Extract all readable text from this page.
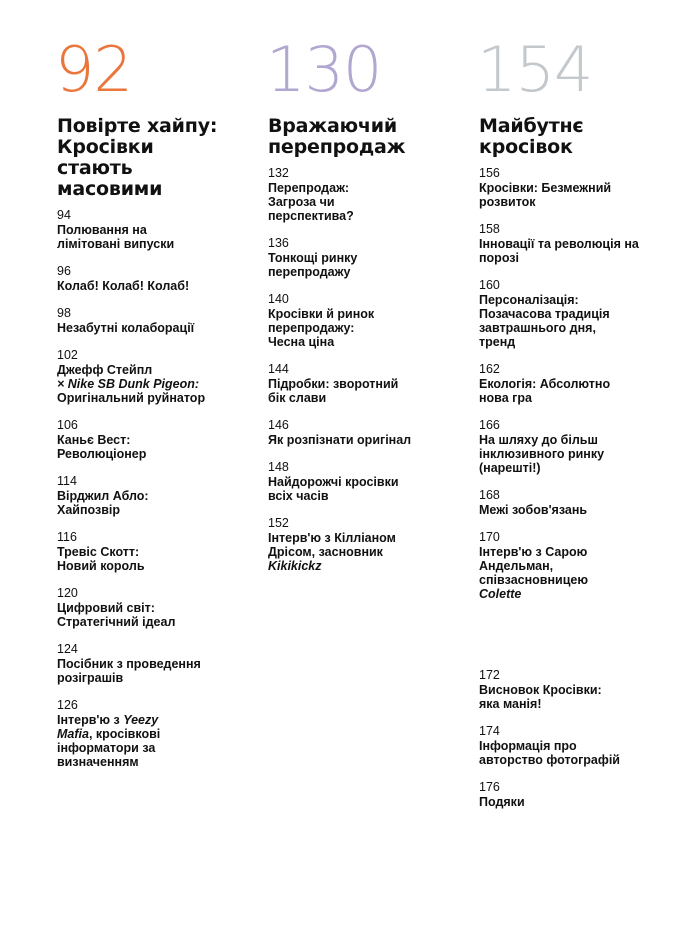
92
Повірте хайпу: Кросівки стають масовими
94
Полювання на лімітовані випуски
96
Колаб! Колаб! Колаб!
98
Незабутні колаборації
102
Джефф Стейпл
× Nike SB Dunk Pigeon:
Оригінальний руйнатор
106
Каньє Вест: Революціонер
114
Вірджил Абло: Хайпозвір
116
Тревіс Скотт: Новий король
120
Цифровий світ: Стратегічний ідеал
124
Посібник з проведення розіграшів
126
Інтерв'ю з Yeezy Mafia, кросівкові інформатори за визначенням
130
Вражаючий перепродаж
132
Перепродаж: Загроза чи перспектива?
136
Тонкощі ринку перепродажу
140
Кросівки й ринок перепродажу: Чесна ціна
144
Підробки: зворотний бік слави
146
Як розпізнати оригінал
148
Найдорожчі кросівки всіх часів
152
Інтерв'ю з Кілліаном Дрісом, засновник
Kikikickz
154
Майбутнє кросівок
156
Кросівки: Безмежний розвиток
158
Інновації та революція на порозі
160
Персоналізація: Позачасова традиція завтрашнього дня, тренд
162
Екологія: Абсолютно нова гра
166
На шляху до більш інклюзивного ринку (нарешті!)
168
Межі зобов'язань
170
Інтерв'ю з Сарою Андельман, співзасновницею
Colette
172
Висновок Кросівки: яка манія!
174
Інформація про авторство фотографій
176
Подяки
